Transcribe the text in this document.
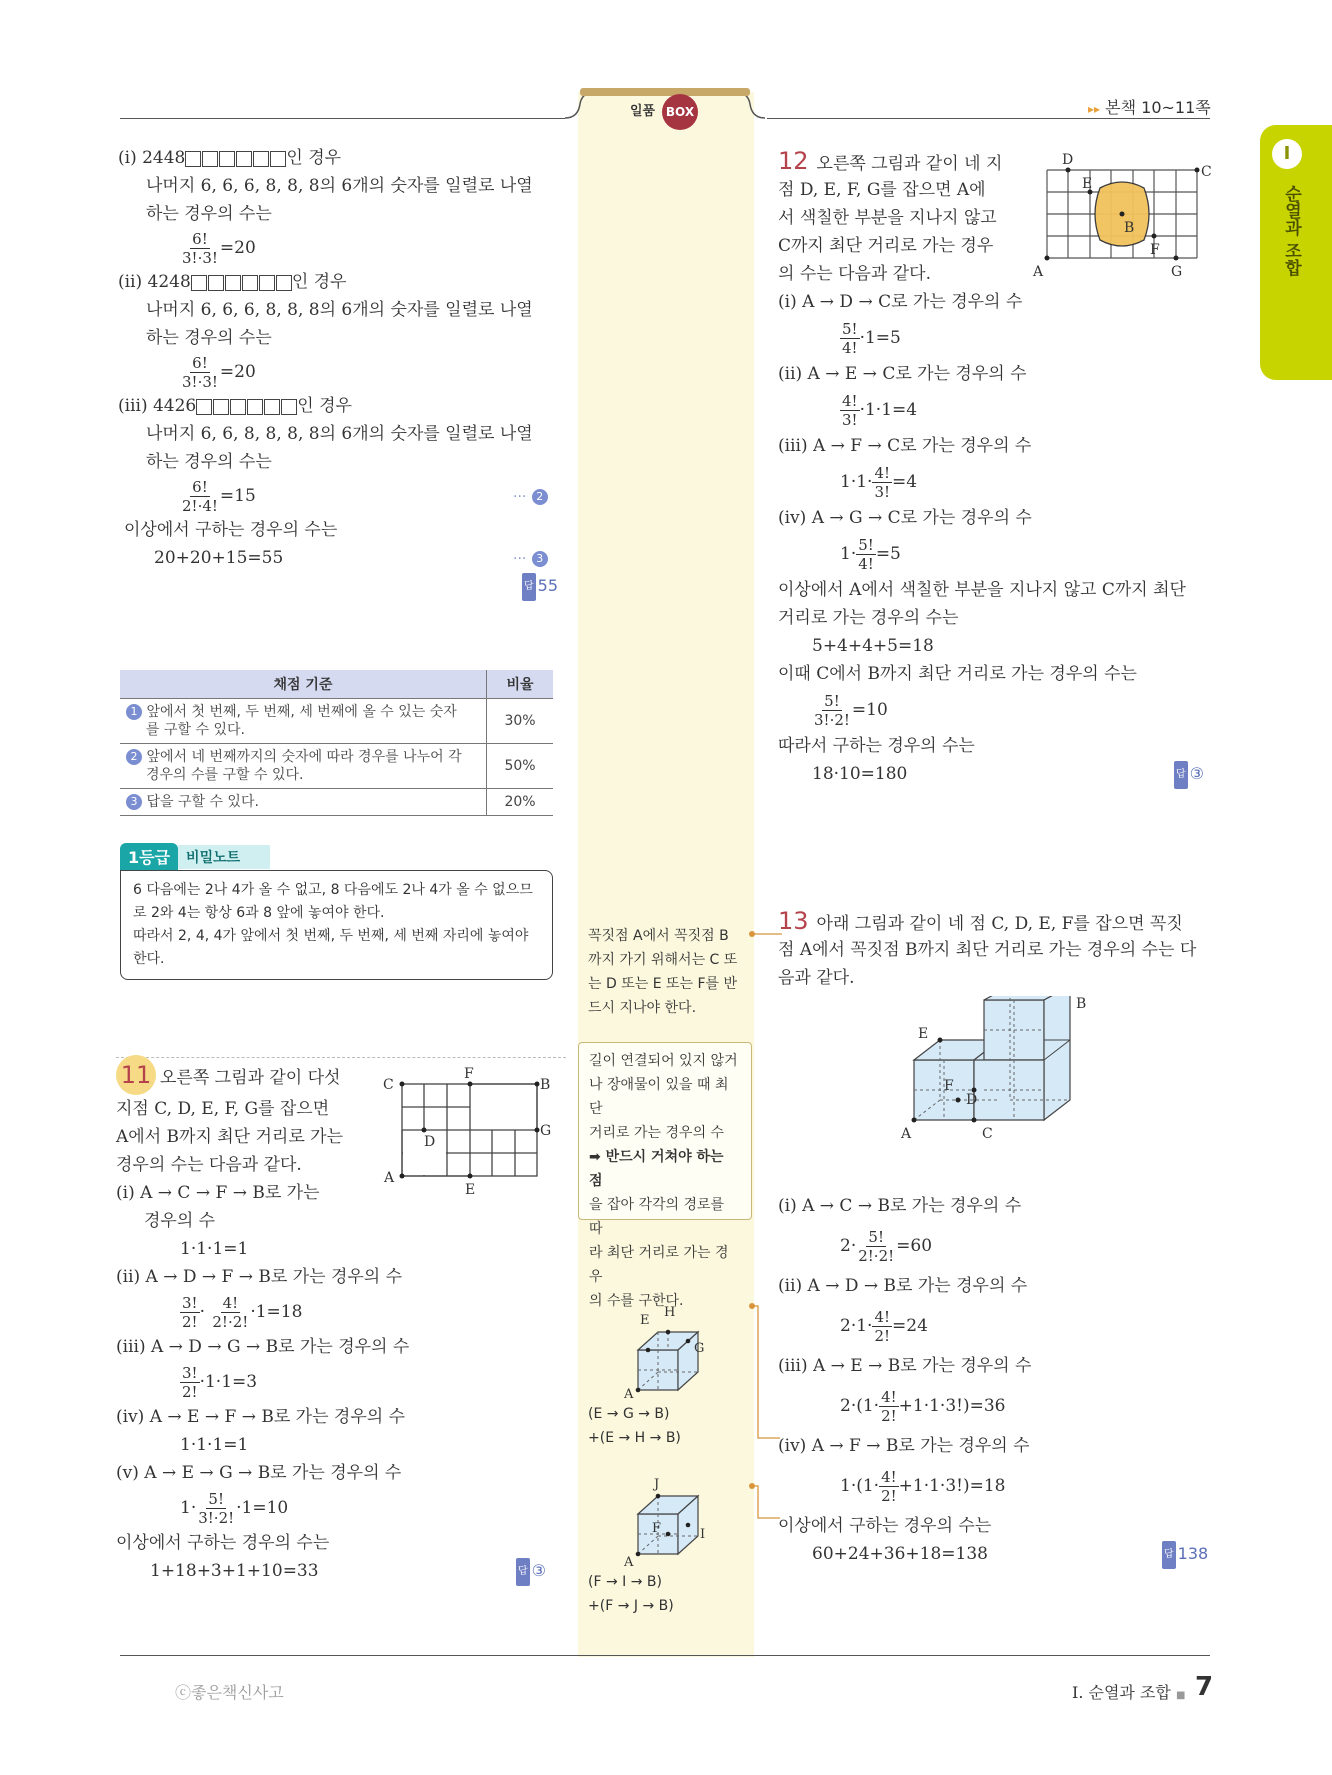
일품 BOX	▸▸ 본책 10~11쪽
I
순열과 조합
(ⅰ) 2448	인 경우
나머지 6, 6, 6, 8, 8, 8의 6개의 숫자를 일렬로 나열
하는 경우의 수는
$\frac{6!}{3!\cdot 3!} =20$
(ⅱ) 4248	인 경우
나머지 6, 6, 6, 8, 8, 8의 6개의 숫자를 일렬로 나열
하는 경우의 수는
$\frac{6!}{3!\cdot 3!} =20$
(ⅲ) 4426	인 경우
나머지 6, 6, 8, 8, 8, 8의 6개의 숫자를 일렬로 나열
하는 경우의 수는
$\frac{6!}{2!\cdot 4!} =15$	··· 2
이상에서 구하는 경우의 수는
20+20+15=55	··· 3
답 55
채점 기준	비율
1 앞에서 첫 번째, 두 번째, 세 번째에 올 수 있는 숫자
를 구할 수 있다.	30%
2 앞에서 네 번째까지의 숫자에 따라 경우를 나누어 각
경우의 수를 구할 수 있다.	50%
3 답을 구할 수 있다.	20%
1등급	비밀노트
6 다음에는 2나 4가 올 수 없고, 8 다음에도 2나 4가 올 수 없으므
로 2와 4는 항상 6과 8 앞에 놓여야 한다.
따라서 2, 4, 4가 앞에서 첫 번째, 두 번째, 세 번째 자리에 놓여야
한다.
11 오른쪽 그림과 같이 다섯
지점 C, D, E, F, G를 잡으면
A에서 B까지 최단 거리로 가는
경우의 수는 다음과 같다.
(ⅰ) A → C → F → B로 가는
경우의 수
1·1·1=1
(ⅱ) A → D → F → B로 가는 경우의 수
$\frac{3!}{2!} \cdot \frac{4!}{2!\cdot 2!} \cdot 1=18$
(ⅲ) A → D → G → B로 가는 경우의 수
$\frac{3!}{2!} \cdot 1\cdot 1=3$
(ⅳ) A → E → F → B로 가는 경우의 수
1·1·1=1
(ⅴ) A → E → G → B로 가는 경우의 수
$1\cdot \frac{5!}{3!\cdot 2!} \cdot 1=10$
이상에서 구하는 경우의 수는
1+18+3+1+10=33	답 ③
C
F
B
D
G
A
E
12 오른쪽 그림과 같이 네 지
점 D, E, F, G를 잡으면 A에
서 색칠한 부분을 지나지 않고
C까지 최단 거리로 가는 경우
의 수는 다음과 같다.
(ⅰ) A → D → C로 가는 경우의 수
$\frac{5!}{4!} \cdot 1=5$
(ⅱ) A → E → C로 가는 경우의 수
$\frac{4!}{3!} \cdot 1\cdot 1=4$
(ⅲ) A → F → C로 가는 경우의 수
$1\cdot 1\cdot \frac{4!}{3!} =4$
(ⅳ) A → G → C로 가는 경우의 수
$1\cdot \frac{5!}{4!} =5$
이상에서 A에서 색칠한 부분을 지나지 않고 C까지 최단
거리로 가는 경우의 수는
5+4+4+5=18
이때 C에서 B까지 최단 거리로 가는 경우의 수는
$\frac{5!}{3!\cdot 2!} =10$
따라서 구하는 경우의 수는
18·10=180	답 ③
D
C
E
B
F
A	G
13 아래 그림과 같이 네 점 C, D, E, F를 잡으면 꼭짓
점 A에서 꼭짓점 B까지 최단 거리로 가는 경우의 수는 다
음과 같다.
B
E
F
D
A	C
(ⅰ) A → C → B로 가는 경우의 수
$2\cdot \frac{5!}{2!\cdot 2!} =60$
(ⅱ) A → D → B로 가는 경우의 수
$2\cdot 1\cdot \frac{4!}{2!} =24$
(ⅲ) A → E → B로 가는 경우의 수
$2\cdot(1\cdot \frac{4!}{2!} +1\cdot 1\cdot 3!)=36$
(ⅳ) A → F → B로 가는 경우의 수
$1\cdot(1\cdot \frac{4!}{2!} +1\cdot 1\cdot 3!)=18$
이상에서 구하는 경우의 수는
60+24+36+18=138	답 138
꼭짓점 A에서 꼭짓점 B
까지 가기 위해서는 C 또
는 D 또는 E 또는 F를 반
드시 지나야 한다.
길이 연결되어 있지 않거
나 장애물이 있을 때 최단
거리로 가는 경우의 수
➡ 반드시 거쳐야 하는 점
을 잡아 각각의 경로를 따
라 최단 거리로 가는 경우
의 수를 구한다.
E
H
G
A
(E → G → B)
+(E → H → B)
J
F	I
A
(F → I → B)
+(F → J → B)
ⓒ좋은책신사고	Ⅰ. 순열과 조합 ■ 7
